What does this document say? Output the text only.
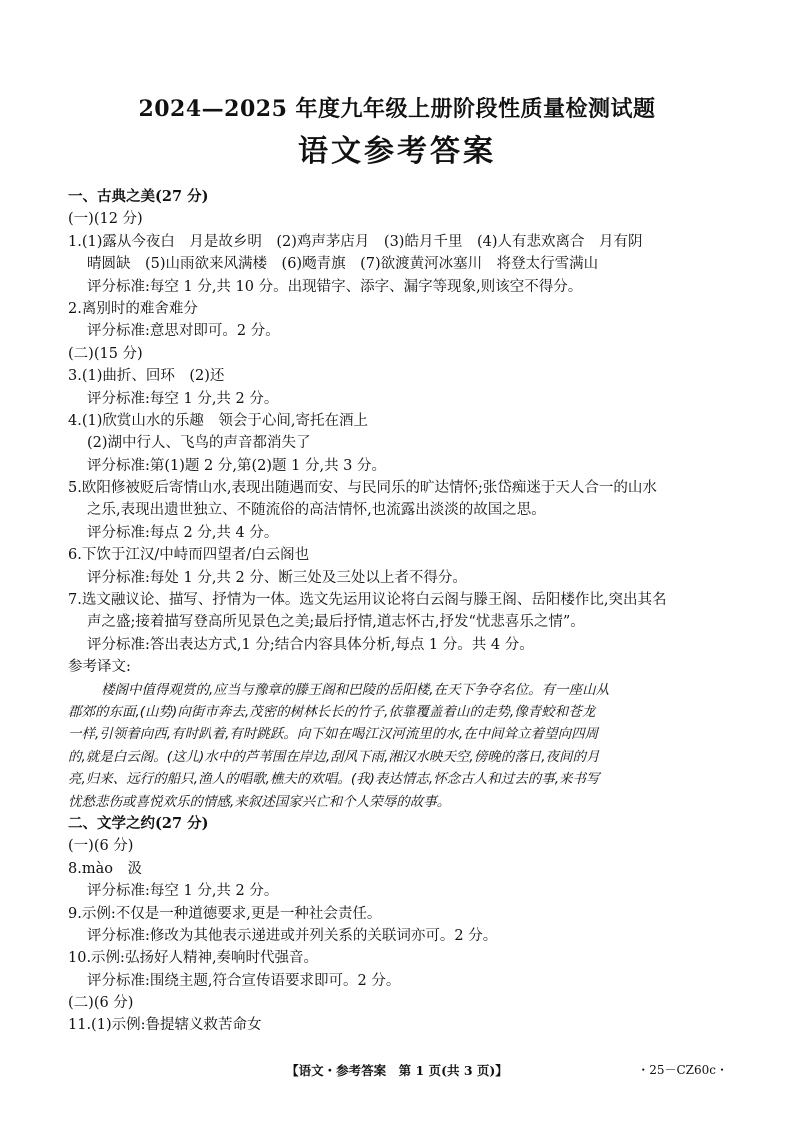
2024—2025 年度九年级上册阶段性质量检测试题
语文参考答案
一、古典之美(27 分)
(一)(12 分)
1.(1)露从今夜白　月是故乡明　(2)鸡声茅店月　(3)皓月千里　(4)人有悲欢离合　月有阴
晴圆缺　(5)山雨欲来风满楼　(6)飏青旗　(7)欲渡黄河冰塞川　将登太行雪满山
评分标准:每空 1 分,共 10 分。出现错字、添字、漏字等现象,则该空不得分。
2.离别时的难舍难分
评分标准:意思对即可。2 分。
(二)(15 分)
3.(1)曲折、回环　(2)还
评分标准:每空 1 分,共 2 分。
4.(1)欣赏山水的乐趣　领会于心间,寄托在酒上
(2)湖中行人、飞鸟的声音都消失了
评分标准:第(1)题 2 分,第(2)题 1 分,共 3 分。
5.欧阳修被贬后寄情山水,表现出随遇而安、与民同乐的旷达情怀;张岱痴迷于天人合一的山水
之乐,表现出遗世独立、不随流俗的高洁情怀,也流露出淡淡的故国之思。
评分标准:每点 2 分,共 4 分。
6.下饮于江汉/中峙而四望者/白云阁也
评分标准:每处 1 分,共 2 分、断三处及三处以上者不得分。
7.选文融议论、描写、抒情为一体。选文先运用议论将白云阁与滕王阁、岳阳楼作比,突出其名
声之盛;接着描写登高所见景色之美;最后抒情,道志怀古,抒发“忧悲喜乐之情”。
评分标准:答出表达方式,1 分;结合内容具体分析,每点 1 分。共 4 分。
参考译文:
楼阁中值得观赏的,应当与豫章的滕王阁和巴陵的岳阳楼,在天下争夺名位。有一座山从
郡郊的东面,(山势)向街市奔去,茂密的树林长长的竹子,依靠覆盖着山的走势,像青蛟和苍龙
一样,引领着向西,有时趴着,有时跳跃。向下如在喝江汉河流里的水,在中间耸立着望向四周
的,就是白云阁。(这儿)水中的芦苇围在岸边,刮风下雨,湘汉水映天空,傍晚的落日,夜间的月
亮,归来、远行的船只,渔人的唱歌,樵夫的欢唱。(我)表达情志,怀念古人和过去的事,来书写
忧愁悲伤或喜悦欢乐的情感,来叙述国家兴亡和个人荣辱的故事。
二、文学之约(27 分)
(一)(6 分)
8.mào　汲
评分标准:每空 1 分,共 2 分。
9.示例:不仅是一种道德要求,更是一种社会责任。
评分标准:修改为其他表示递进或并列关系的关联词亦可。2 分。
10.示例:弘扬好人精神,奏响时代强音。
评分标准:围绕主题,符合宣传语要求即可。2 分。
(二)(6 分)
11.(1)示例:鲁提辖义救苦命女
【语文・参考答案　第 1 页(共 3 页)】	・25－CZ60c・
